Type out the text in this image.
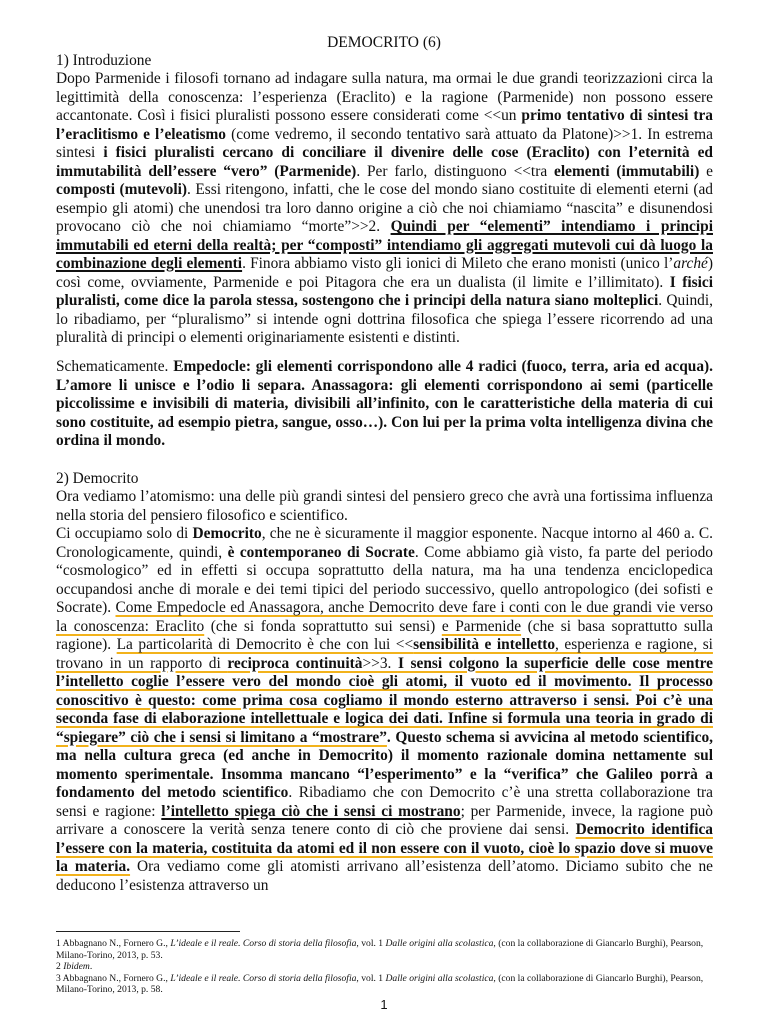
DEMOCRITO (6)
1) Introduzione
Dopo Parmenide i filosofi tornano ad indagare sulla natura, ma ormai le due grandi teorizzazioni circa la legittimità della conoscenza: l’esperienza (Eraclito) e la ragione (Parmenide) non possono essere accantonate. Così i fisici pluralisti possono essere considerati come <<un primo tentativo di sintesi tra l’eraclitismo e l’eleatismo (come vedremo, il secondo tentativo sarà attuato da Platone)>>1. In estrema sintesi i fisici pluralisti cercano di conciliare il divenire delle cose (Eraclito) con l’eternità ed immutabilità dell’essere “vero” (Parmenide). Per farlo, distinguono <<tra elementi (immutabili) e composti (mutevoli). Essi ritengono, infatti, che le cose del mondo siano costituite di elementi eterni (ad esempio gli atomi) che unendosi tra loro danno origine a ciò che noi chiamiamo “nascita” e disunendosi provocano ciò che noi chiamiamo “morte”>>2. Quindi per “elementi” intendiamo i principi immutabili ed eterni della realtà; per “composti” intendiamo gli aggregati mutevoli cui dà luogo la combinazione degli elementi. Finora abbiamo visto gli ionici di Mileto che erano monisti (unico l’arché) così come, ovviamente, Parmenide e poi Pitagora che era un dualista (il limite e l’illimitato). I fisici pluralisti, come dice la parola stessa, sostengono che i principi della natura siano molteplici. Quindi, lo ribadiamo, per “pluralismo” si intende ogni dottrina filosofica che spiega l’essere ricorrendo ad una pluralità di principi o elementi originariamente esistenti e distinti.
Schematicamente. Empedocle: gli elementi corrispondono alle 4 radici (fuoco, terra, aria ed acqua). L’amore li unisce e l’odio li separa. Anassagora: gli elementi corrispondono ai semi (particelle piccolissime e invisibili di materia, divisibili all’infinito, con le caratteristiche della materia di cui sono costituite, ad esempio pietra, sangue, osso…). Con lui per la prima volta intelligenza divina che ordina il mondo.
2) Democrito
Ora vediamo l’atomismo: una delle più grandi sintesi del pensiero greco che avrà una fortissima influenza nella storia del pensiero filosofico e scientifico.
Ci occupiamo solo di Democrito, che ne è sicuramente il maggior esponente. Nacque intorno al 460 a. C. Cronologicamente, quindi, è contemporaneo di Socrate. Come abbiamo già visto, fa parte del periodo “cosmologico” ed in effetti si occupa soprattutto della natura, ma ha una tendenza enciclopedica occupandosi anche di morale e dei temi tipici del periodo successivo, quello antropologico (dei sofisti e Socrate). Come Empedocle ed Anassagora, anche Democrito deve fare i conti con le due grandi vie verso la conoscenza: Eraclito (che si fonda soprattutto sui sensi) e Parmenide (che si basa soprattutto sulla ragione). La particolarità di Democrito è che con lui <<sensibilità e intelletto, esperienza e ragione, si trovano in un rapporto di reciproca continuità>>3. I sensi colgono la superficie delle cose mentre l’intelletto coglie l’essere vero del mondo cioè gli atomi, il vuoto ed il movimento. Il processo conoscitivo è questo: come prima cosa cogliamo il mondo esterno attraverso i sensi. Poi c’è una seconda fase di elaborazione intellettuale e logica dei dati. Infine si formula una teoria in grado di “spiegare” ciò che i sensi si limitano a “mostrare”. Questo schema si avvicina al metodo scientifico, ma nella cultura greca (ed anche in Democrito) il momento razionale domina nettamente sul momento sperimentale. Insomma mancano “l’esperimento” e la “verifica” che Galileo porrà a fondamento del metodo scientifico. Ribadiamo che con Democrito c’è una stretta collaborazione tra sensi e ragione: l’intelletto spiega ciò che i sensi ci mostrano; per Parmenide, invece, la ragione può arrivare a conoscere la verità senza tenere conto di ciò che proviene dai sensi. Democrito identifica l’essere con la materia, costituita da atomi ed il non essere con il vuoto, cioè lo spazio dove si muove la materia. Ora vediamo come gli atomisti arrivano all’esistenza dell’atomo. Diciamo subito che ne deducono l’esistenza attraverso un
1 Abbagnano N., Fornero G., L’ideale e il reale. Corso di storia della filosofia, vol. 1 Dalle origini alla scolastica, (con la collaborazione di Giancarlo Burghi), Pearson, Milano-Torino, 2013, p. 53.
2 Ibidem.
3 Abbagnano N., Fornero G., L’ideale e il reale. Corso di storia della filosofia, vol. 1 Dalle origini alla scolastica, (con la collaborazione di Giancarlo Burghi), Pearson, Milano-Torino, 2013, p. 58.
1
